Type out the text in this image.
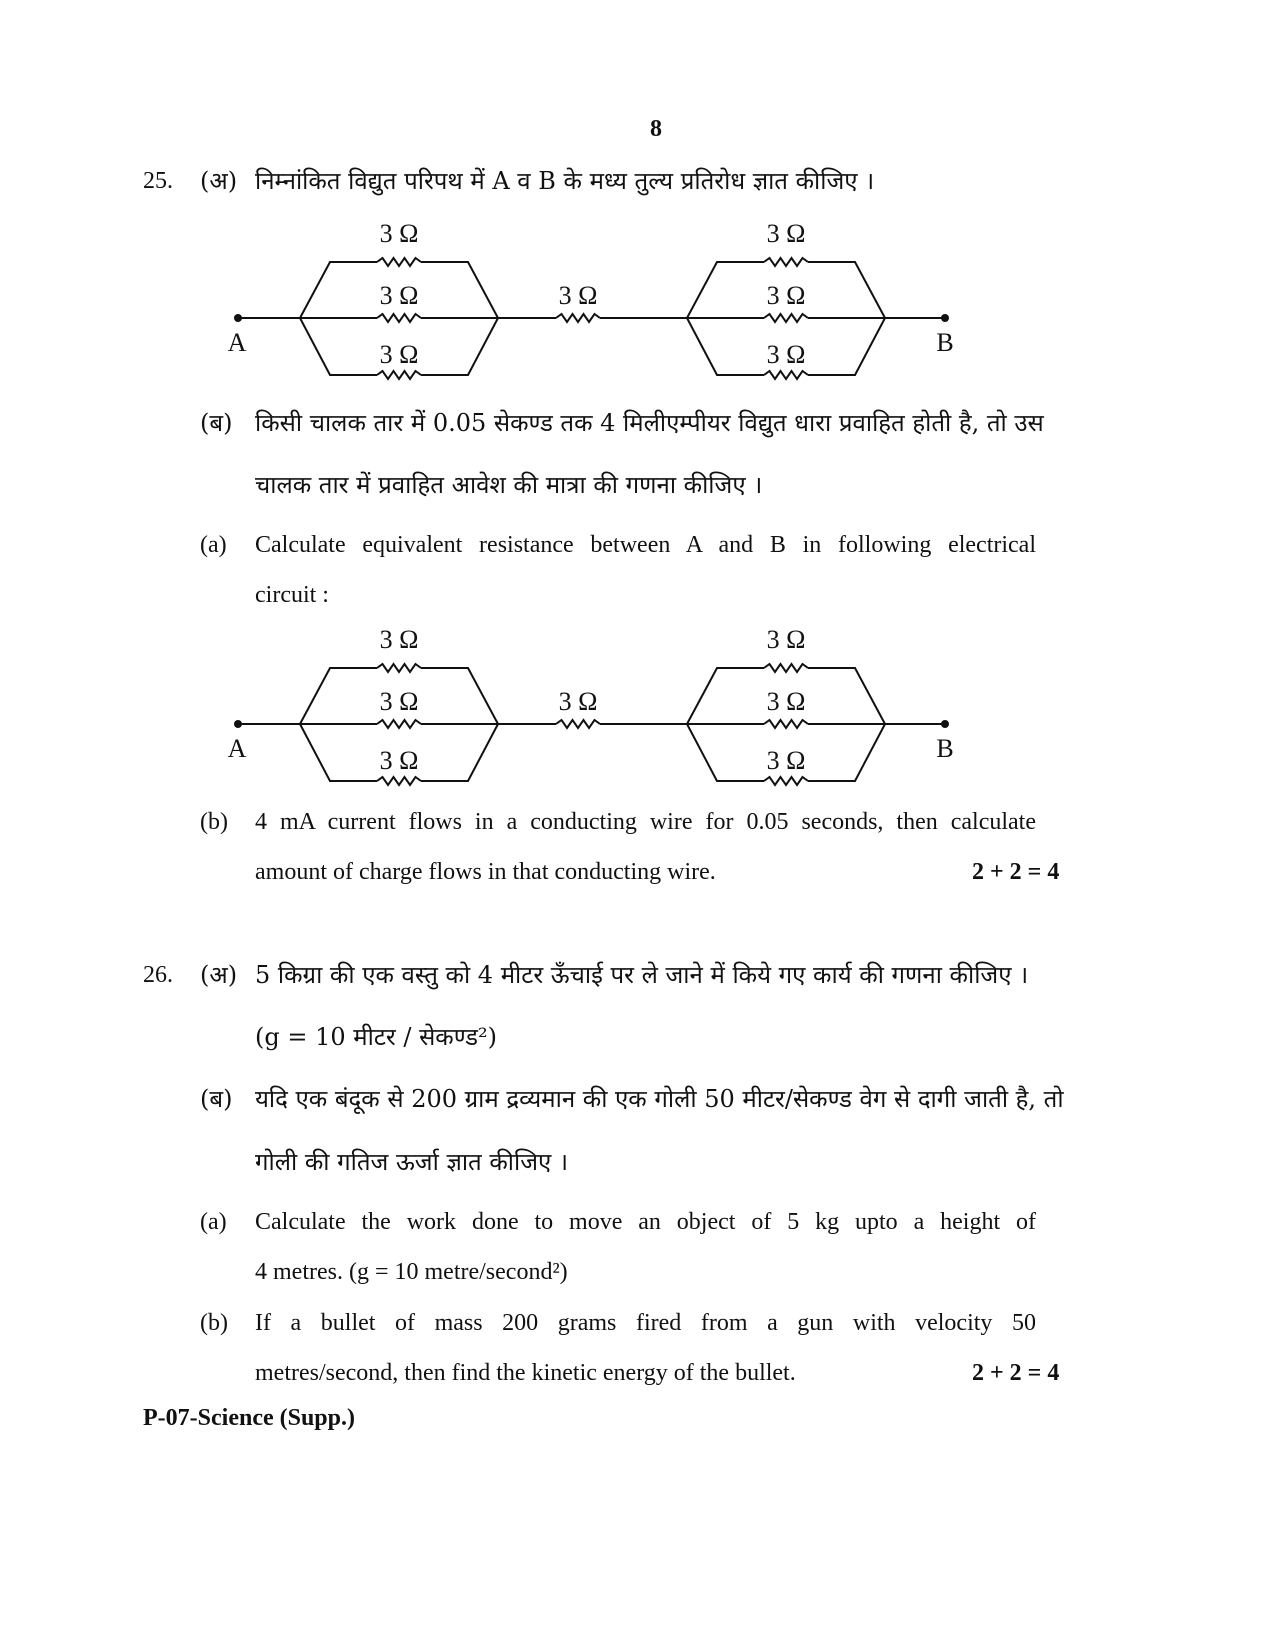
8
25. (अ) निम्नांकित विद्युत परिपथ में A व B के मध्य तुल्य प्रतिरोध ज्ञात कीजिए ।
A	B
3 Ω
3 Ω
3 Ω
3 Ω
3 Ω
3 Ω
3 Ω
(ब) किसी चालक तार में 0.05 सेकण्ड तक 4 मिलीएम्पीयर विद्युत धारा प्रवाहित होती है, तो उस
चालक तार में प्रवाहित आवेश की मात्रा की गणना कीजिए ।
(a) Calculate equivalent resistance between A and B in following electrical
circuit :
A	B
3 Ω
3 Ω
3 Ω
3 Ω
3 Ω
3 Ω
3 Ω
(b) 4 mA current flows in a conducting wire for 0.05 seconds, then calculate
amount of charge flows in that conducting wire.	2 + 2 = 4
26. (अ) 5 किग्रा की एक वस्तु को 4 मीटर ऊँचाई पर ले जाने में किये गए कार्य की गणना कीजिए ।
(g = 10 मीटर / सेकण्ड²)
(ब) यदि एक बंदूक से 200 ग्राम द्रव्यमान की एक गोली 50 मीटर/सेकण्ड वेग से दागी जाती है, तो
गोली की गतिज ऊर्जा ज्ञात कीजिए ।
(a) Calculate the work done to move an object of 5 kg upto a height of
4 metres. (g = 10 metre/second²)
(b) If a bullet of mass 200 grams fired from a gun with velocity 50
metres/second, then find the kinetic energy of the bullet.	2 + 2 = 4
P-07-Science (Supp.)
